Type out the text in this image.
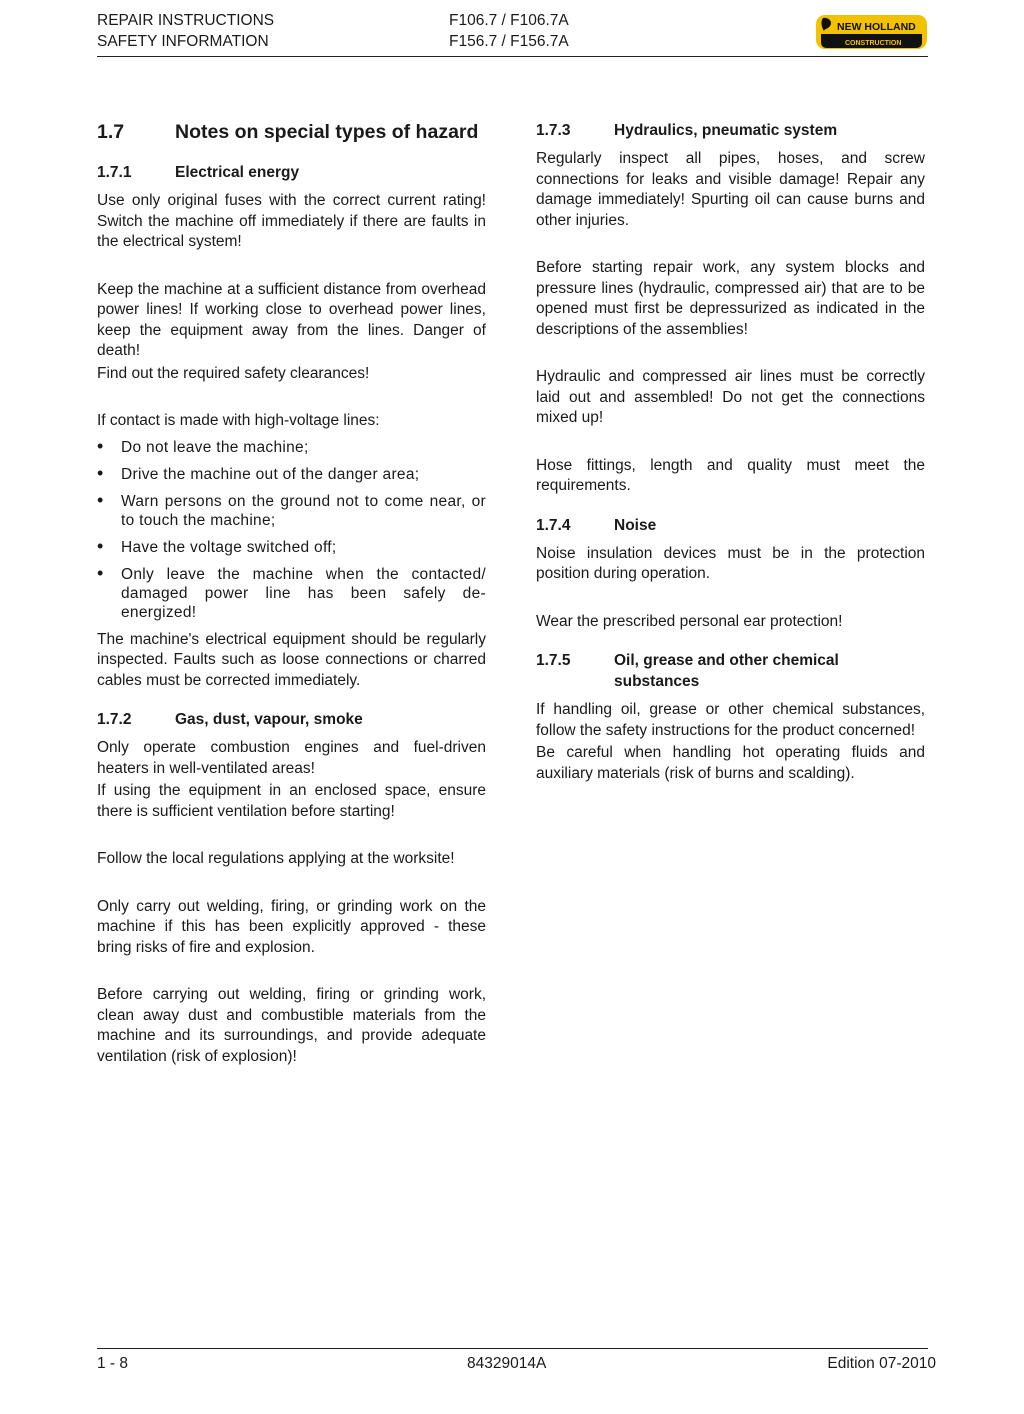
REPAIR INSTRUCTIONS
SAFETY INFORMATION
F106.7 / F106.7A
F156.7 / F156.7A
NEW HOLLAND
CONSTRUCTION
1.7	Notes on special types of hazard
1.7.1	Electrical energy

Use only original fuses with the correct current rating! Switch the machine off immediately if there are faults in the electrical system!

Keep the machine at a sufficient distance from overhead power lines! If working close to overhead power lines, keep the equipment away from the lines. Danger of death!

Find out the required safety clearances!

If contact is made with high-voltage lines:

• Do not leave the machine;
• Drive the machine out of the danger area;
• Warn persons on the ground not to come near, or to touch the machine;
• Have the voltage switched off;
• Only leave the machine when the contacted/ damaged power line has been safely de-energized!

The machine's electrical equipment should be regularly inspected. Faults such as loose connections or charred cables must be corrected immediately.

1.7.2	Gas, dust, vapour, smoke

Only operate combustion engines and fuel-driven heaters in well-ventilated areas!

If using the equipment in an enclosed space, ensure there is sufficient ventilation before starting!

Follow the local regulations applying at the worksite!

Only carry out welding, firing, or grinding work on the machine if this has been explicitly approved - these bring risks of fire and explosion.

Before carrying out welding, firing or grinding work, clean away dust and combustible materials from the machine and its surroundings, and provide adequate ventilation (risk of explosion)!

1.7.3	Hydraulics, pneumatic system

Regularly inspect all pipes, hoses, and screw connections for leaks and visible damage! Repair any damage immediately! Spurting oil can cause burns and other injuries.

Before starting repair work, any system blocks and pressure lines (hydraulic, compressed air) that are to be opened must first be depressurized as indicated in the descriptions of the assemblies!

Hydraulic and compressed air lines must be correctly laid out and assembled! Do not get the connections mixed up!

Hose fittings, length and quality must meet the requirements.

1.7.4	Noise

Noise insulation devices must be in the protection position during operation.

Wear the prescribed personal ear protection!

1.7.5	Oil, grease and other chemical substances

If handling oil, grease or other chemical substances, follow the safety instructions for the product concerned!

Be careful when handling hot operating fluids and auxiliary materials (risk of burns and scalding).

1 - 8	84329014A	Edition 07-2010
